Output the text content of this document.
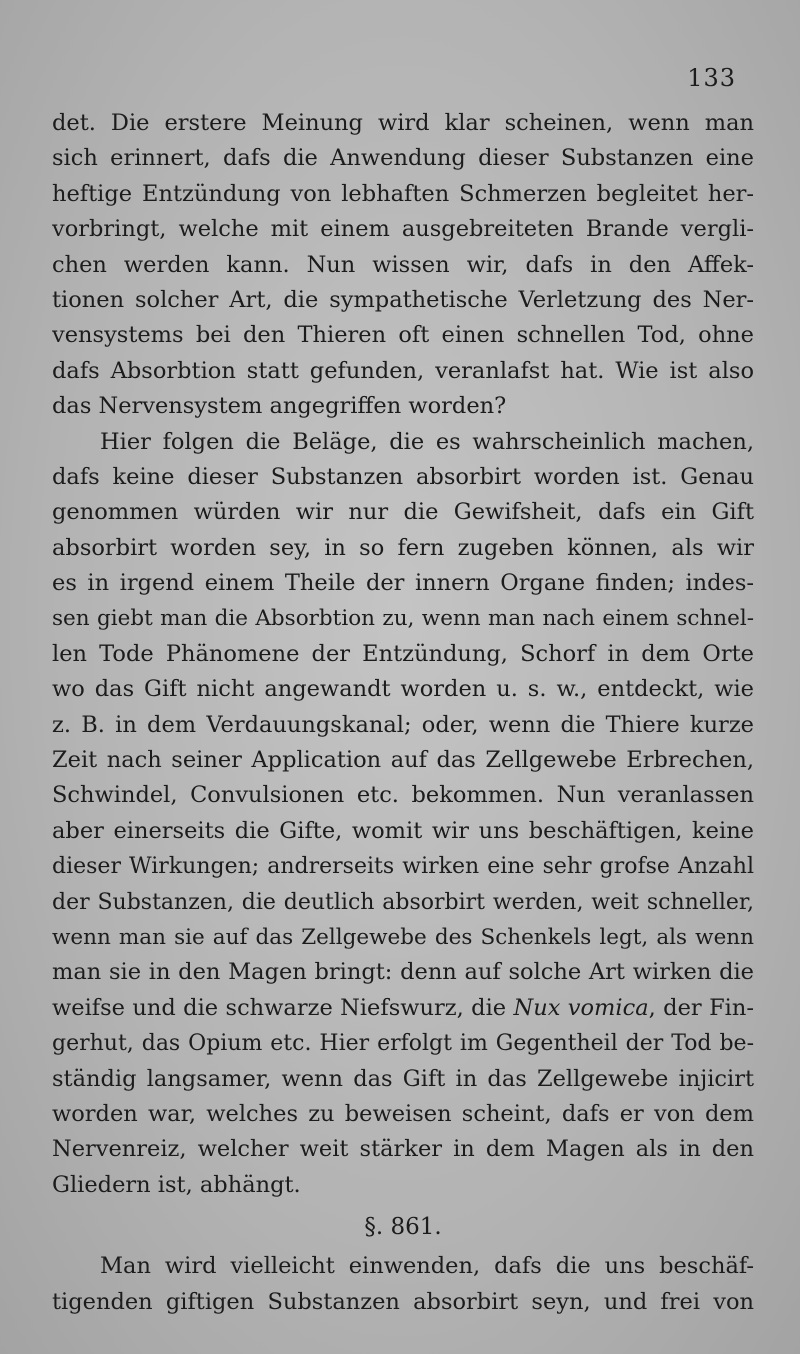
133
det. Die erstere Meinung wird klar scheinen, wenn man
sich erinnert, dafs die Anwendung dieser Substanzen eine
heftige Entzündung von lebhaften Schmerzen begleitet her-
vorbringt, welche mit einem ausgebreiteten Brande vergli-
chen werden kann. Nun wissen wir, dafs in den Affek-
tionen solcher Art, die sympathetische Verletzung des Ner-
vensystems bei den Thieren oft einen schnellen Tod, ohne
dafs Absorbtion statt gefunden, veranlafst hat. Wie ist also
das Nervensystem angegriffen worden?
Hier folgen die Beläge, die es wahrscheinlich machen,
dafs keine dieser Substanzen absorbirt worden ist. Genau
genommen würden wir nur die Gewifsheit, dafs ein Gift
absorbirt worden sey, in so fern zugeben können, als wir
es in irgend einem Theile der innern Organe finden; indes-
sen giebt man die Absorbtion zu, wenn man nach einem schnel-
len Tode Phänomene der Entzündung, Schorf in dem Orte
wo das Gift nicht angewandt worden u. s. w., entdeckt, wie
z. B. in dem Verdauungskanal; oder, wenn die Thiere kurze
Zeit nach seiner Application auf das Zellgewebe Erbrechen,
Schwindel, Convulsionen etc. bekommen. Nun veranlassen
aber einerseits die Gifte, womit wir uns beschäftigen, keine
dieser Wirkungen; andrerseits wirken eine sehr grofse Anzahl
der Substanzen, die deutlich absorbirt werden, weit schneller,
wenn man sie auf das Zellgewebe des Schenkels legt, als wenn
man sie in den Magen bringt: denn auf solche Art wirken die
weifse und die schwarze Niefswurz, die Nux vomica, der Fin-
gerhut, das Opium etc. Hier erfolgt im Gegentheil der Tod be-
ständig langsamer, wenn das Gift in das Zellgewebe injicirt
worden war, welches zu beweisen scheint, dafs er von dem
Nervenreiz, welcher weit stärker in dem Magen als in den
Gliedern ist, abhängt.
§. 861.
Man wird vielleicht einwenden, dafs die uns beschäf-
tigenden giftigen Substanzen absorbirt seyn, und frei von
